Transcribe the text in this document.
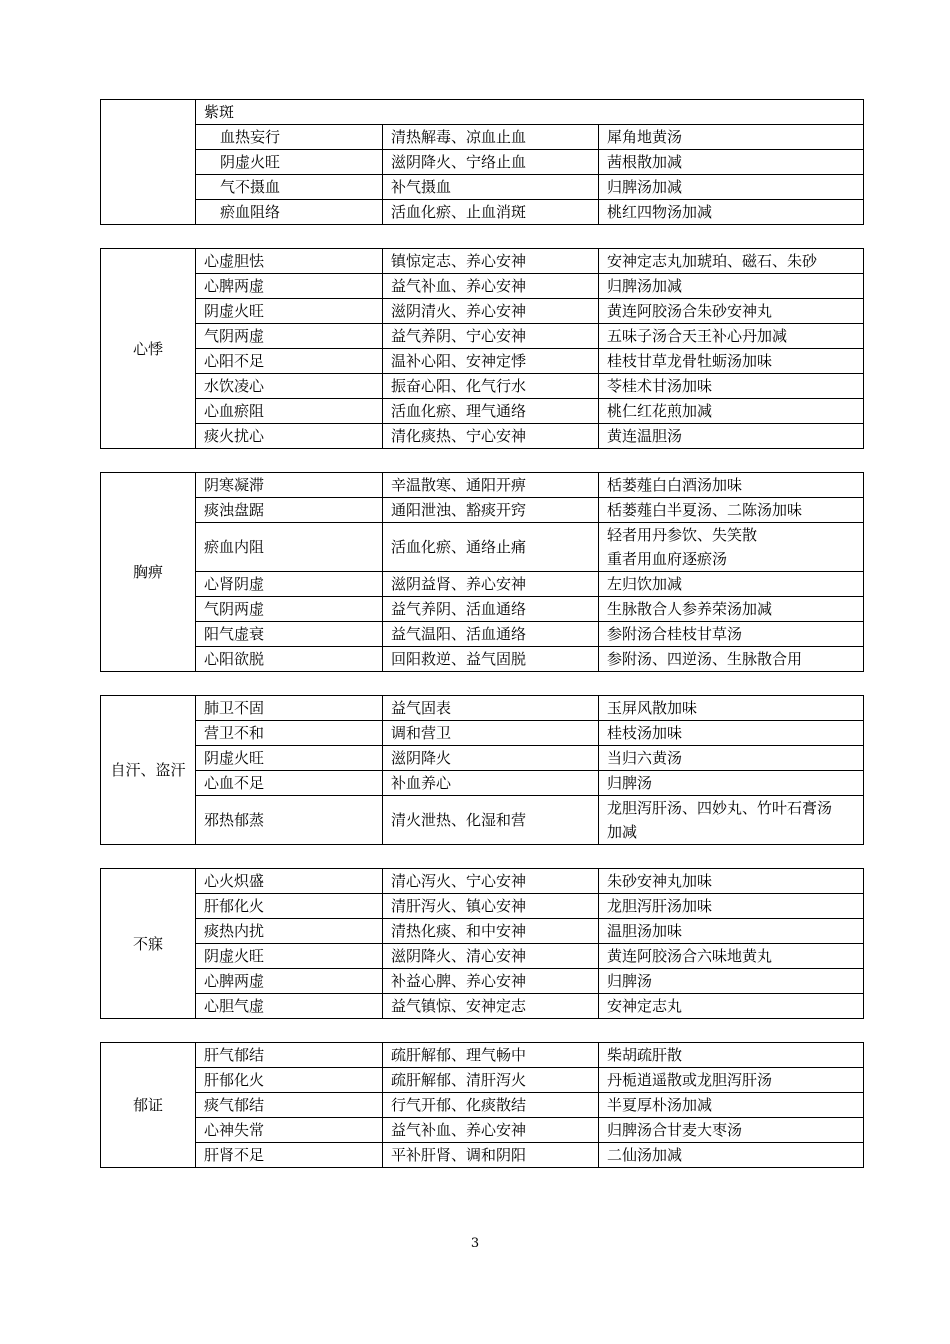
	紫斑		
	血热妄行	清热解毒、凉血止血	犀角地黄汤
	阴虚火旺	滋阴降火、宁络止血	茜根散加减
	气不摄血	补气摄血	归脾汤加减
	瘀血阻络	活血化瘀、止血消斑	桃红四物汤加减
心悸	心虚胆怯	镇惊定志、养心安神	安神定志丸加琥珀、磁石、朱砂
	心脾两虚	益气补血、养心安神	归脾汤加减
	阴虚火旺	滋阴清火、养心安神	黄连阿胶汤合朱砂安神丸
	气阴两虚	益气养阴、宁心安神	五味子汤合天王补心丹加减
	心阳不足	温补心阳、安神定悸	桂枝甘草龙骨牡蛎汤加味
	水饮凌心	振奋心阳、化气行水	苓桂术甘汤加味
	心血瘀阻	活血化瘀、理气通络	桃仁红花煎加减
	痰火扰心	清化痰热、宁心安神	黄连温胆汤
胸痹	阴寒凝滞	辛温散寒、通阳开痹	栝蒌薤白白酒汤加味
	痰浊盘踞	通阳泄浊、豁痰开窍	栝蒌薤白半夏汤、二陈汤加味
	瘀血内阻	活血化瘀、通络止痛	轻者用丹参饮、失笑散
重者用血府逐瘀汤
	心肾阴虚	滋阴益肾、养心安神	左归饮加减
	气阴两虚	益气养阴、活血通络	生脉散合人参养荣汤加减
	阳气虚衰	益气温阳、活血通络	参附汤合桂枝甘草汤
	心阳欲脱	回阳救逆、益气固脱	参附汤、四逆汤、生脉散合用
自汗、盗汗	肺卫不固	益气固表	玉屏风散加味
	营卫不和	调和营卫	桂枝汤加味
	阴虚火旺	滋阴降火	当归六黄汤
	心血不足	补血养心	归脾汤
	邪热郁蒸	清火泄热、化湿和营	龙胆泻肝汤、四妙丸、竹叶石膏汤
加减
不寐	心火炽盛	清心泻火、宁心安神	朱砂安神丸加味
	肝郁化火	清肝泻火、镇心安神	龙胆泻肝汤加味
	痰热内扰	清热化痰、和中安神	温胆汤加味
	阴虚火旺	滋阴降火、清心安神	黄连阿胶汤合六味地黄丸
	心脾两虚	补益心脾、养心安神	归脾汤
	心胆气虚	益气镇惊、安神定志	安神定志丸
郁证	肝气郁结	疏肝解郁、理气畅中	柴胡疏肝散
	肝郁化火	疏肝解郁、清肝泻火	丹栀逍遥散或龙胆泻肝汤
	痰气郁结	行气开郁、化痰散结	半夏厚朴汤加减
	心神失常	益气补血、养心安神	归脾汤合甘麦大枣汤
	肝肾不足	平补肝肾、调和阴阳	二仙汤加减
3
